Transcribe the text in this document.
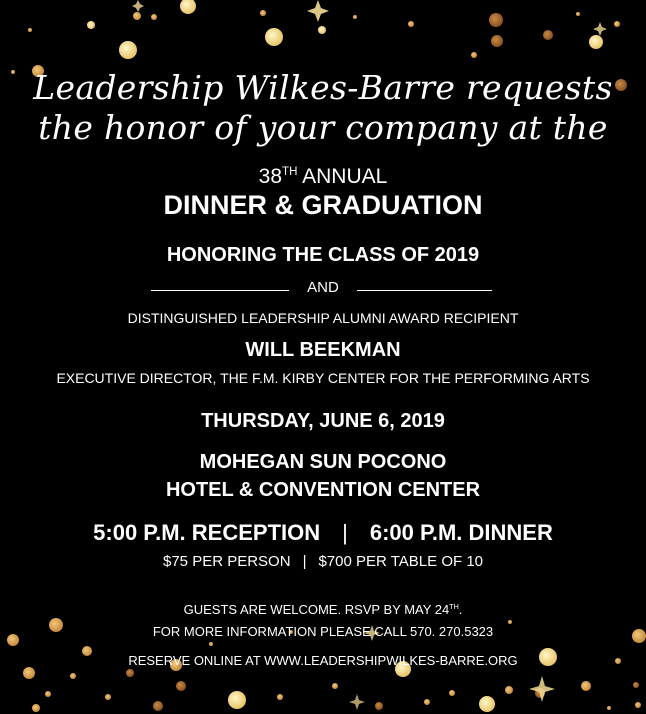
Leadership Wilkes-Barre requests
the honor of your company at the
38TH ANNUAL
DINNER & GRADUATION
HONORING THE CLASS OF 2019
AND
DISTINGUISHED LEADERSHIP ALUMNI AWARD RECIPIENT
WILL BEEKMAN
EXECUTIVE DIRECTOR, THE F.M. KIRBY CENTER FOR THE PERFORMING ARTS
THURSDAY, JUNE 6, 2019
MOHEGAN SUN POCONO
HOTEL & CONVENTION CENTER
5:00 P.M. RECEPTION | 6:00 P.M. DINNER
$75 PER PERSON | $700 PER TABLE OF 10
GUESTS ARE WELCOME. RSVP BY MAY 24TH.
FOR MORE INFORMATION PLEASE CALL 570. 270.5323
RESERVE ONLINE AT WWW.LEADERSHIPWILKES-BARRE.ORG
